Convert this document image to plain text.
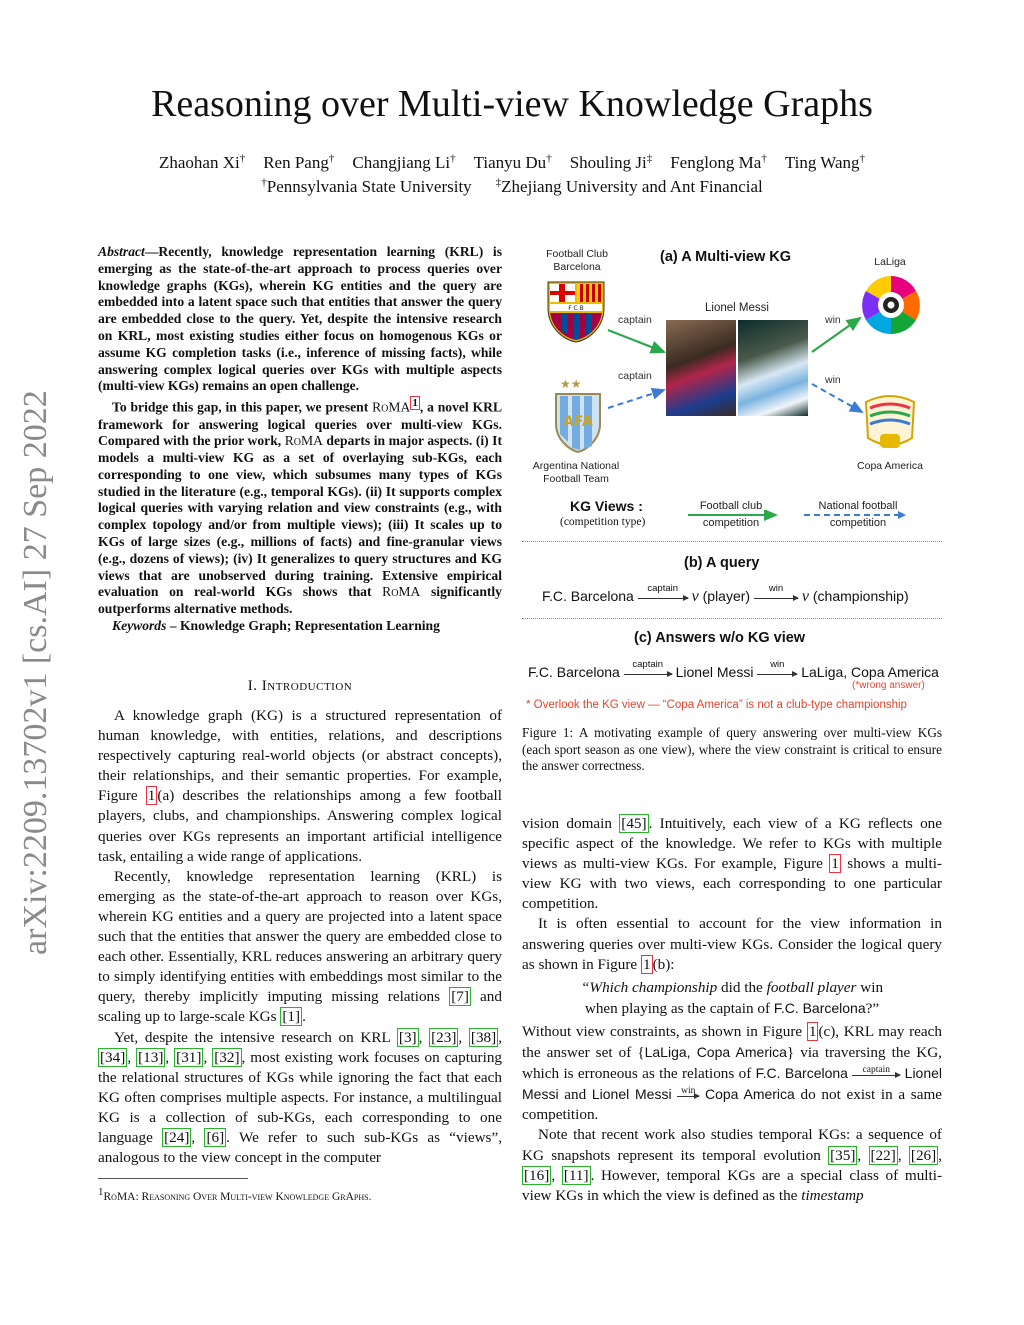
Reasoning over Multi-view Knowledge Graphs
Zhaohan Xi† Ren Pang† Changjiang Li† Tianyu Du† Shouling Ji‡ Fenglong Ma† Ting Wang†
†Pennsylvania State University ‡Zhejiang University and Ant Financial
arXiv:2209.13702v1 [cs.AI] 27 Sep 2022

Abstract—Recently, knowledge representation learning (KRL) is emerging as the state-of-the-art approach to process queries over knowledge graphs (KGs), wherein KG entities and the query are embedded into a latent space such that entities that answer the query are embedded close to the query. Yet, despite the intensive research on KRL, most existing studies either focus on homogenous KGs or assume KG completion tasks (i.e., inference of missing facts), while answering complex logical queries over KGs with multiple aspects (multi-view KGs) remains an open challenge.

To bridge this gap, in this paper, we present RoMA $^1$ , a novel KRL framework for answering logical queries over multi-view KGs. Compared with the prior work, RoMA departs in major aspects. (i) It models a multi-view KG as a set of overlaying sub-KGs, each corresponding to one view, which subsumes many types of KGs studied in the literature (e.g., temporal KGs). (ii) It supports complex logical queries with varying relation and view constraints (e.g., with complex topology and/or from multiple views); (iii) It scales up to KGs of large sizes (e.g., millions of facts) and fine-granular views (e.g., dozens of views); (iv) It generalizes to query structures and KG views that are unobserved during training. Extensive empirical evaluation on real-world KGs shows that RoMA significantly outperforms alternative methods.

Keywords – Knowledge Graph; Representation Learning

I. Introduction

A knowledge graph (KG) is a structured representation of human knowledge, with entities, relations, and descriptions respectively capturing real-world objects (or abstract concepts), their relationships, and their semantic properties. For example, Figure 1 (a) describes the relationships among a few football players, clubs, and championships. Answering complex logical queries over KGs represents an important artificial intelligence task, entailing a wide range of applications.

Recently, knowledge representation learning (KRL) is emerging as the state-of-the-art approach to reason over KGs, wherein KG entities and a query are projected into a latent space such that the entities that answer the query are embedded close to each other. Essentially, KRL reduces answering an arbitrary query to simply identifying entities with embeddings most similar to the query, thereby implicitly imputing missing relations [7] and scaling up to large-scale KGs [1] .

Yet, despite the intensive research on KRL [3] , [23] , [38] , [34] , [13] , [31] , [32] , most existing work focuses on capturing the relational structures of KGs while ignoring the fact that each KG often comprises multiple aspects. For instance, a multilingual KG is a collection of sub-KGs, each corresponding to one language [24] , [6] . We refer to such sub-KGs as “views”, analogous to the view concept in the computer

$^1$RoMA: Reasoning Over Multi-view Knowledge GrAphs.
(a) A Multi-view KG
Football Club
Barcelona	LaLiga
Lionel Messi
F C B
captain
captain
win
win
★★
AFA
Argentina National
Football Team
Copa America
KG Views :
(competition type)
Football club
competition
National football
competition
(b) A query
F.C. Barcelona	captain v (player)	win	v (championship)
(c) Answers w/o KG view
F.C. Barcelona	captain Lionel Messi	win	LaLiga, Copa America
(*wrong answer)
* Overlook the KG view — “Copa America” is not a club-type championship
Figure 1: A motivating example of query answering over multi-view KGs (each sport season as one view), where the view constraint is critical to ensure the answer correctness.

vision domain [45] . Intuitively, each view of a KG reflects one specific aspect of the knowledge. We refer to KGs with multiple views as multi-view KGs. For example, Figure 1 shows a multi-view KG with two views, each corresponding to one particular competition.

It is often essential to account for the view information in answering queries over multi-view KGs. Consider the logical query as shown in Figure 1 (b):

“Which championship did the football player win

when playing as the captain of F.C. Barcelona?”

Without view constraints, as shown in Figure 1 (c), KRL may reach the answer set of {LaLiga, Copa America} via traversing the KG, which is erroneous as the relations of F.C. Barcelona	captain	Lionel Messi and Lionel Messi	win Copa America do not exist in a same competition.

Note that recent work also studies temporal KGs: a sequence of KG snapshots represent its temporal evolution [35] , [22] , [26] , [16] , [11] . However, temporal KGs are a special class of multi-view KGs in which the view is defined as the timestamp
